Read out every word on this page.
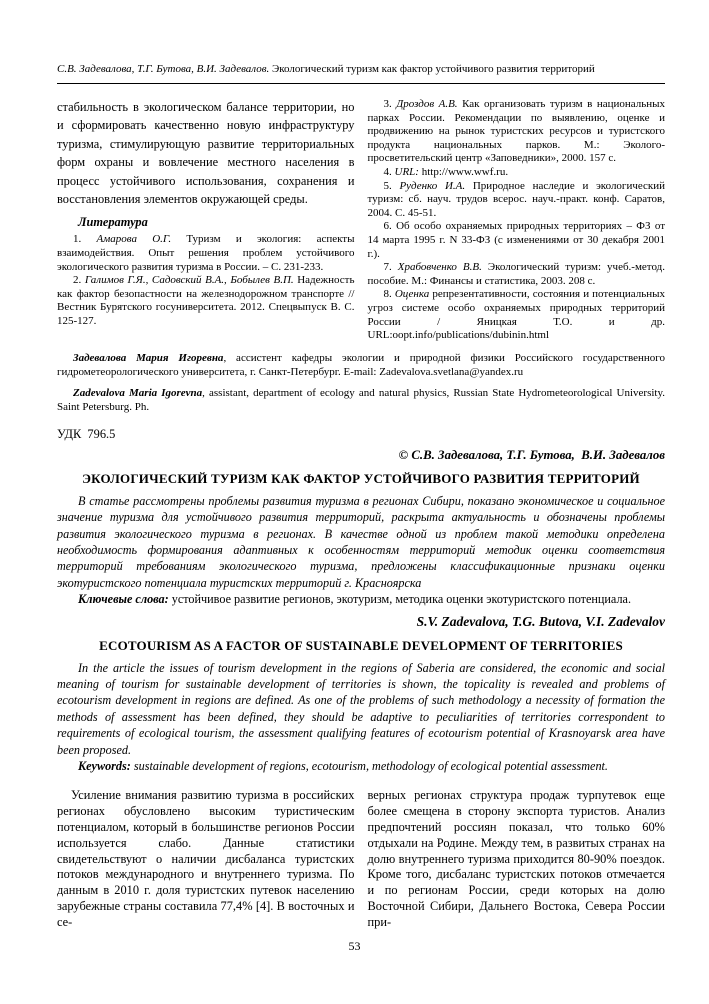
С.В. Задевалова, Т.Г. Бутова, В.И. Задевалов. Экологический туризм как фактор устойчивого развития территорий

стабильность в экологическом балансе территории, но и сформировать качественно новую инфраструктуру туризма, стимулирующую развитие территориальных форм охраны и вовлечение местного населения в процесс устойчивого использования, сохранения и восстановления элементов окружающей среды.

Литература

1. Амарова О.Г. Туризм и экология: аспекты взаимодействия. Опыт решения проблем устойчивого экологического развития туризма в России. – С. 231-233.

2. Галимов Г.Я., Садовский В.А., Бобылев В.П. Надежность как фактор безопастности на железнодорожном транспорте // Вестник Бурятского госуниверситета. 2012. Спецвыпуск В. С. 125-127.

3. Дроздов А.В. Как организовать туризм в национальных парках России. Рекомендации по выявлению, оценке и продвижению на рынок туристских ресурсов и туристского продукта национальных парков. М.: Эколого-просветительский центр «Заповедники», 2000. 157 с.

4. URL: http://www.wwf.ru.

5. Руденко И.А. Природное наследие и экологический туризм: сб. науч. трудов всерос. науч.-практ. конф. Саратов, 2004. С. 45-51.

6. Об особо охраняемых природных территориях – ФЗ от 14 марта 1995 г. N 33-ФЗ (с изменениями от 30 декабря 2001 г.).

7. Храбовченко В.В. Экологический туризм: учеб.-метод. пособие. М.: Финансы и статистика, 2003. 208 с.

8. Оценка репрезентативности, состояния и потенциальных угроз системе особо охраняемых природных территорий России / Яницкая Т.О. и др. URL:oopt.info/publications/dubinin.html

Задевалова Мария Игоревна, ассистент кафедры экологии и природной физики Российского государственного гидрометеорологического университета, г. Санкт-Петербург. E-mail: Zadevalova.svetlana@yandex.ru

Zadevalova Maria Igorevna, assistant, department of ecology and natural physics, Russian State Hydrometeorological University. Saint Petersburg. Ph.

УДК  796.5
© С.В. Задевалова, Т.Г. Бутова,  В.И. Задевалов
ЭКОЛОГИЧЕСКИЙ ТУРИЗМ КАК ФАКТОР УСТОЙЧИВОГО РАЗВИТИЯ ТЕРРИТОРИЙ

В статье рассмотрены проблемы развития туризма в регионах Сибири, показано экономическое и социальное значение туризма для устойчивого развития территорий, раскрыта актуальность и обозначены проблемы развития экологического туризма в регионах. В качестве одной из проблем такой методики определена необходимость формирования адаптивных к особенностям территорий методик оценки соответствия территорий требованиям экологического туризма, предложены классификационные признаки оценки экотуристского потенциала туристских территорий г. Красноярска

Ключевые слова: устойчивое развитие регионов, экотуризм, методика оценки экотуристского потенциала.

S.V. Zadevalova, T.G. Butova, V.I. Zadevalov
ECOTOURISM AS A FACTOR OF SUSTAINABLE DEVELOPMENT OF TERRITORIES

In the article the issues of tourism development in the regions of Saberia are considered, the economic and social meaning of tourism for sustainable development of territories is shown, the topicality is revealed and problems of ecotourism development in regions are defined. As one of the problems of such methodology a necessity of formation the methods of assessment has been defined, they should be adaptive to peculiarities of territories correspondent to requirements of ecological tourism, the assessment qualifying features of ecotourism potential of Krasnoyarsk area have been proposed.

Keywords: sustainable development of regions, ecotourism, methodology of ecological potential assessment.

Усиление внимания развитию туризма в российских регионах обусловлено высоким туристическим потенциалом, который в большинстве регионов России используется слабо. Данные статистики свидетельствуют о наличии дисбаланса туристских потоков международного и внутреннего туризма. По данным в 2010 г. доля туристских путевок населению зарубежные страны составила 77,4% [4]. В восточных и се-

верных регионах структура продаж турпутевок еще более смещена в сторону экспорта туристов. Анализ предпочтений россиян показал, что только 60% отдыхали на Родине. Между тем, в развитых странах на долю внутреннего туризма приходится 80-90% поездок. Кроме того, дисбаланс туристских потоков отмечается и по регионам России, среди которых на долю Восточной Сибири, Дальнего Востока, Севера России при-

53
